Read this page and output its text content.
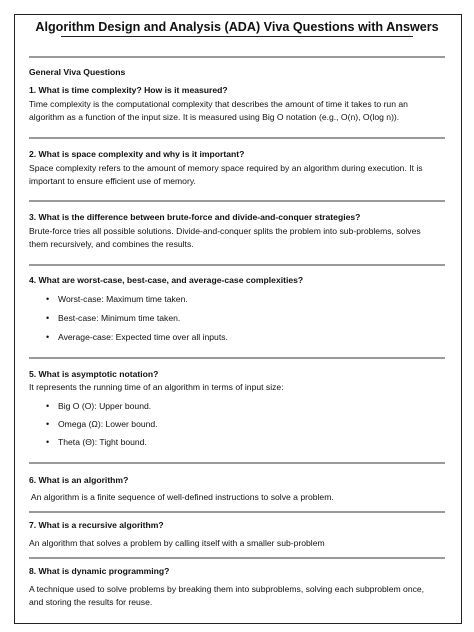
Algorithm Design and Analysis (ADA) Viva Questions with Answers
General Viva Questions
1. What is time complexity? How is it measured?
Time complexity is the computational complexity that describes the amount of time it takes to run an
algorithm as a function of the input size. It is measured using Big O notation (e.g., O(n), O(log n)).
2. What is space complexity and why is it important?
Space complexity refers to the amount of memory space required by an algorithm during execution. It is
important to ensure efficient use of memory.
3. What is the difference between brute-force and divide-and-conquer strategies?
Brute-force tries all possible solutions. Divide-and-conquer splits the problem into sub-problems, solves
them recursively, and combines the results.
4. What are worst-case, best-case, and average-case complexities?
• Worst-case: Maximum time taken.
• Best-case: Minimum time taken.
• Average-case: Expected time over all inputs.
5. What is asymptotic notation?
It represents the running time of an algorithm in terms of input size:
• Big O (O): Upper bound.
• Omega (Ω): Lower bound.
• Theta (Θ): Tight bound.
6. What is an algorithm?
An algorithm is a finite sequence of well-defined instructions to solve a problem.
7. What is a recursive algorithm?
An algorithm that solves a problem by calling itself with a smaller sub-problem
8. What is dynamic programming?
A technique used to solve problems by breaking them into subproblems, solving each subproblem once,
and storing the results for reuse.
